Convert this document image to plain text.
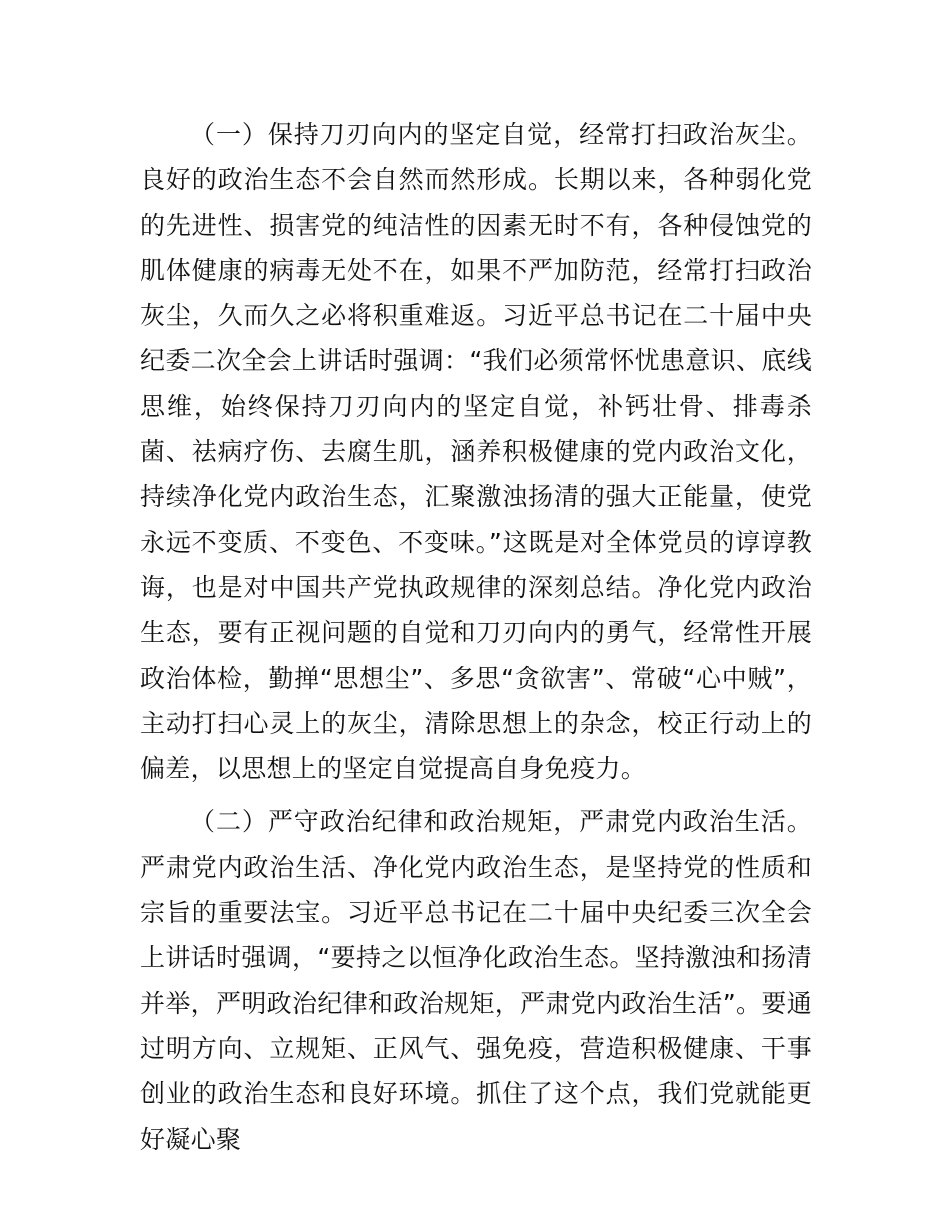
（一）保持刀刃向内的坚定自觉，经常打扫政治灰尘。良好的政治生态不会自然而然形成。长期以来，各种弱化党的先进性、损害党的纯洁性的因素无时不有，各种侵蚀党的肌体健康的病毒无处不在，如果不严加防范，经常打扫政治灰尘，久而久之必将积重难返。习近平总书记在二十届中央纪委二次全会上讲话时强调：“我们必须常怀忧患意识、底线思维，始终保持刀刃向内的坚定自觉，补钙壮骨、排毒杀菌、祛病疗伤、去腐生肌，涵养积极健康的党内政治文化，持续净化党内政治生态，汇聚激浊扬清的强大正能量，使党永远不变质、不变色、不变味。”这既是对全体党员的谆谆教诲，也是对中国共产党执政规律的深刻总结。净化党内政治生态，要有正视问题的自觉和刀刃向内的勇气，经常性开展政治体检，勤掸“思想尘”、多思“贪欲害”、常破“心中贼”，主动打扫心灵上的灰尘，清除思想上的杂念，校正行动上的偏差，以思想上的坚定自觉提高自身免疫力。

（二）严守政治纪律和政治规矩，严肃党内政治生活。严肃党内政治生活、净化党内政治生态，是坚持党的性质和宗旨的重要法宝。习近平总书记在二十届中央纪委三次全会上讲话时强调，“要持之以恒净化政治生态。坚持激浊和扬清并举，严明政治纪律和政治规矩，严肃党内政治生活”。要通过明方向、立规矩、正风气、强免疫，营造积极健康、干事创业的政治生态和良好环境。抓住了这个点，我们党就能更好凝心聚
